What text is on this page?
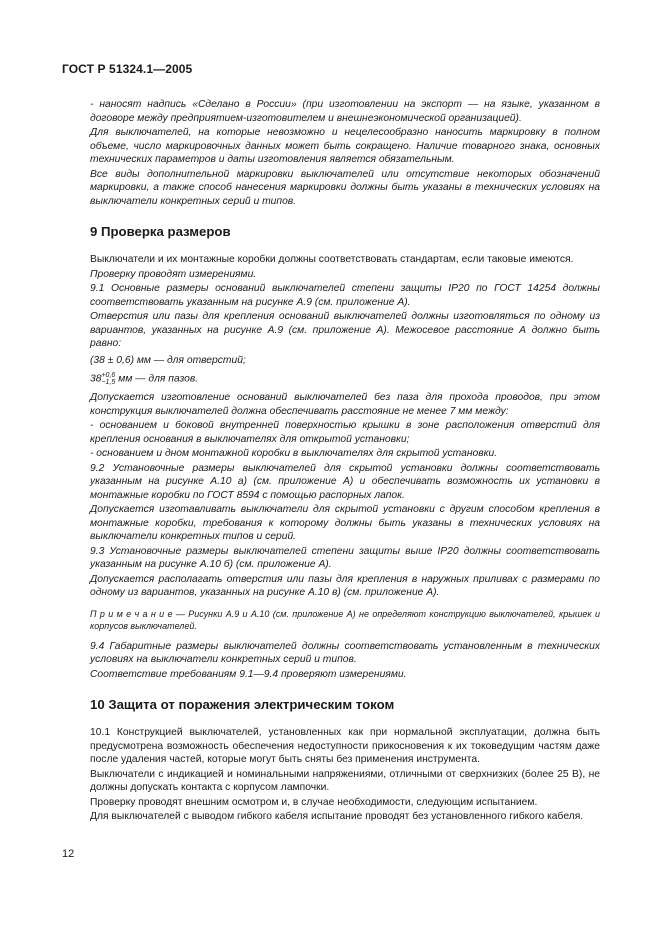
ГОСТ Р 51324.1—2005

- наносят надпись «Сделано в России» (при изготовлении на экспорт — на языке, указанном в договоре между предприятием-изготовителем и внешнеэкономической организацией).

Для выключателей, на которые невозможно и нецелесообразно наносить маркировку в полном объеме, число маркировочных данных может быть сокращено. Наличие товарного знака, основных технических параметров и даты изготовления является обязательным.

Все виды дополнительной маркировки выключателей или отсутствие некоторых обозначений маркировки, а также способ нанесения маркировки должны быть указаны в технических условиях на выключатели конкретных серий и типов.

9 Проверка размеров

Выключатели и их монтажные коробки должны соответствовать стандартам, если таковые имеются.

Проверку проводят измерениями.

9.1 Основные размеры оснований выключателей степени защиты IP20 по ГОСТ 14254 должны соответствовать указанным на рисунке А.9 (см. приложение А).

Отверстия или пазы для крепления оснований выключателей должны изготовляться по одному из вариантов, указанных на рисунке А.9 (см. приложение А). Межосевое расстояние А должно быть равно:

(38 ± 0,6) мм — для отверстий;

38 +0,6
−1,5 мм — для пазов.

Допускается изготовление оснований выключателей без паза для прохода проводов, при этом конструкция выключателей должна обеспечивать расстояние не менее 7 мм между:

- основанием и боковой внутренней поверхностью крышки в зоне расположения отверстий для крепления основания в выключателях для открытой установки;

- основанием и дном монтажной коробки в выключателях для скрытой установки.

9.2 Установочные размеры выключателей для скрытой установки должны соответствовать указанным на рисунке А.10 а) (см. приложение А) и обеспечивать возможность их установки в монтажные коробки по ГОСТ 8594 с помощью распорных лапок.

Допускается изготавливать выключатели для скрытой установки с другим способом крепления в монтажные коробки, требования к которому должны быть указаны в технических условиях на выключатели конкретных типов и серий.

9.3 Установочные размеры выключателей степени защиты выше IP20 должны соответствовать указанным на рисунке А.10 б) (см. приложение А).

Допускается располагать отверстия или пазы для крепления в наружных приливах с размерами по одному из вариантов, указанных на рисунке А.10 в) (см. приложение А).

П р и м е ч а н и е — Рисунки А.9 и А.10 (см. приложение А) не определяют конструкцию выключателей, крышек и корпусов выключателей.

9.4 Габаритные размеры выключателей должны соответствовать установленным в технических условиях на выключатели конкретных серий и типов.

Соответствие требованиям 9.1—9.4 проверяют измерениями.

10 Защита от поражения электрическим током

10.1 Конструкцией выключателей, установленных как при нормальной эксплуатации, должна быть предусмотрена возможность обеспечения недоступности прикосновения к их токоведущим частям даже после удаления частей, которые могут быть сняты без применения инструмента.

Выключатели с индикацией и номинальными напряжениями, отличными от сверхнизких (более 25 В), не должны допускать контакта с корпусом лампочки.

Проверку проводят внешним осмотром и, в случае необходимости, следующим испытанием.

Для выключателей с выводом гибкого кабеля испытание проводят без установленного гибкого кабеля.

12
